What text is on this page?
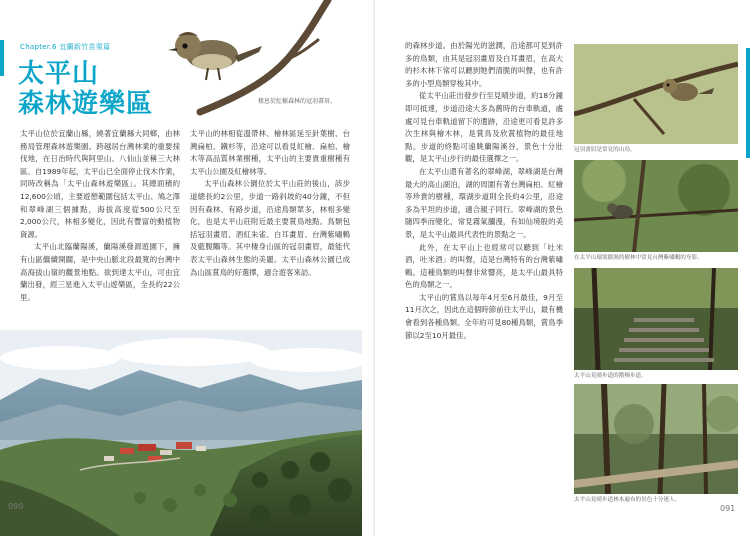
Chapter.6 宜蘭新竹苗栗篇
太平山
森林遊樂區	棲息於紅樹森林的冠羽畫眉。

太平山位於宜蘭山縣，繞著宜蘭縣大同鄉，由林務局管理森林遊樂園。跨越居台灣林業的重要採伐地，在日治時代與阿里山、八仙山並稱三大林區。自1989年起，太平山已全面停止伐木作業，同時改稱為「太平山森林遊樂區」。其總面積約12,600公頃，主要遊憩範圍包括太平山、鳩之澤和翠峰湖三個據點，海拔高度從500公尺至2,000公尺，林相多變化，因此有豐富的動植物資源。

太平山北臨蘭陽溪，蘭陽溪發源遊園下，擁有山區繼續開闢，是中央山脈北段最寬的台灣中高海拔山嶺的觀景地點。欲到達太平山，可由宜蘭出發，經三星進入太平山遊樂區，全長約22公里。

太平山的林相從溫帶林、檜林區延至針葉樹、台灣扁柏、鐵杉等，沿途可以看見紅檜、扁柏、檜木等高品質林業樹種，太平山的主要貴重樹種有太平山公園及紅檜林等。

太平山森林公園位於太平山莊的後山，該步道總長約2公里，步道一路斜坡約40分鐘，不但因有森林、有路步道，沿途鳥類眾多，林相多變化，也是太平山莊附近最主要賞鳥地點。鳥類包括冠羽畫眉、酒紅朱雀、白耳畫眉、台灣紫嘯鶇及藍腹鷴等。其中棲身山區的冠羽畫眉，最能代表太平山森林生態的美麗。太平山森林公園已成為山區賞鳥的好選擇，適合遊客來訪。

090

的森林步道。由於陽光的滋潤，沿途都可見到許多的鳥類，由其是冠羽畫眉及白耳畫眉，在高大的杉木林下常可以聽到牠們清脆的叫聲，也有許多的小型鳥類穿梭其中。

從太平山莊出發步行至見晴步道，約18分鐘即可抵達，步道沿途大多為舊時的台車軌道，處處可見台車軌道留下的遺跡，沿途更可看見許多次生林與檜木林，是賞鳥及欣賞植物的最佳地點。步道的終點可遠眺蘭陽溪谷，景色十分壯觀，是太平山步行的最佳選擇之一。

在太平山還有著名的翠峰湖，翠峰湖是台灣最大的高山湖泊，湖的周圍有著台灣扁柏、紅檜等珍貴的樹種，環湖步道則全長約4公里，沿途多為平坦的步道，適合親子同行。翠峰湖的景色隨四季而變化，常見霧氣瀰漫，有如仙境般的美景，是太平山最具代表性的景點之一。

此外，在太平山上也經常可以聽到「吐米酒，吐米酒」的叫聲，這是台灣特有的台灣紫嘯鶇。這種鳥類的叫聲非常響亮，是太平山最具特色的鳥類之一。

太平山的賞鳥以每年4月至6月最佳，9月至11月次之，因此在這個時節前往太平山，最有機會看到各種鳥類。全年約可見80種鳥類，賞鳥季節以2至10月最佳。

冠羽畫眉是常見的山鳥。
在太平山環境陰濕的樹林中常見台灣紫嘯鶇的身影。
太平山見晴步道的階梯步道。
太平山見晴步道林木遍布的景色十分迷人。
091
